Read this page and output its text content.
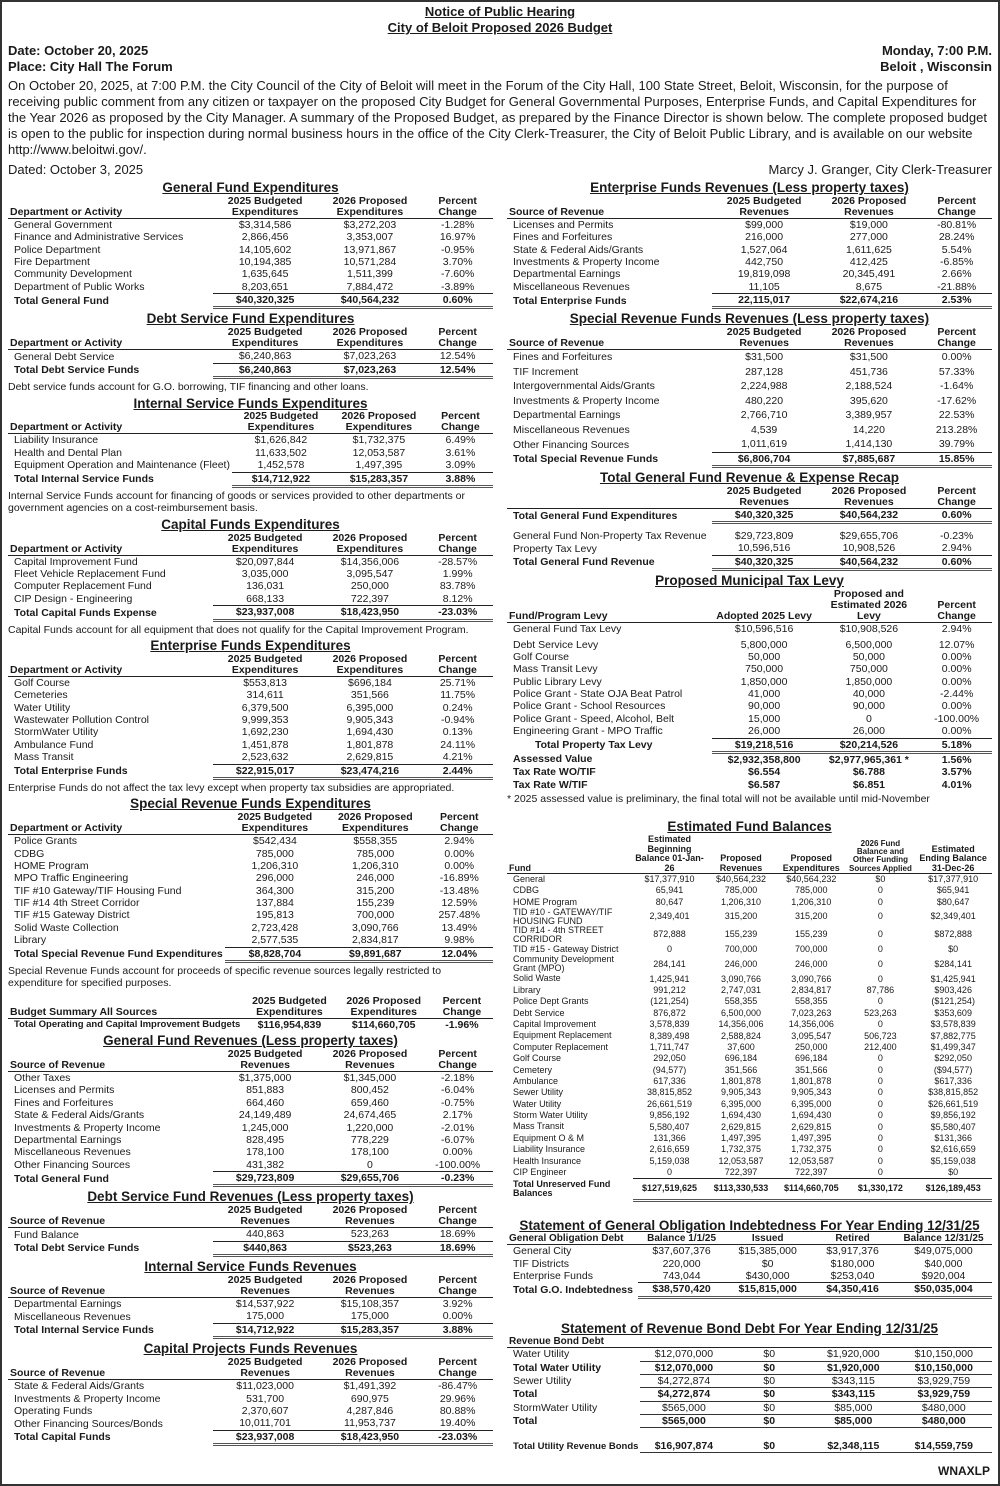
Notice of Public Hearing
City of Beloit Proposed 2026 Budget
Date: October 20, 2025
Place: City Hall The Forum
Monday, 7:00 P.M.
Beloit , Wisconsin
On October 20, 2025, at 7:00 P.M. the City Council of the City of Beloit will meet in the Forum of the City Hall, 100 State Street, Beloit, Wisconsin, for the purpose of receiving public comment from any citizen or taxpayer on the proposed City Budget for General Governmental Purposes, Enterprise Funds, and Capital Expenditures for the Year 2026 as proposed by the City Manager. A summary of the Proposed Budget, as prepared by the Finance Director is shown below. The complete proposed budget is open to the public for inspection during normal business hours in the office of the City Clerk-Treasurer, the City of Beloit Public Library, and is available on our website http://www.beloitwi.gov/.
Dated: October 3, 2025	Marcy J. Granger, City Clerk-Treasurer
General Fund Expenditures
Department or Activity	2025 Budgeted Expenditures	2026 Proposed Expenditures	Percent Change
General Government	$3,314,586	$3,272,203	-1.28%
Finance and Administrative Services	2,866,456	3,353,007	16.97%
Police Department	14,105,602	13,971,867	-0.95%
Fire Department	10,194,385	10,571,284	3.70%
Community Development	1,635,645	1,511,399	-7.60%
Department of Public Works	8,203,651	7,884,472	-3.89%
Total General Fund	$40,320,325	$40,564,232	0.60%
Debt Service Fund Expenditures
Department or Activity	2025 Budgeted Expenditures	2026 Proposed Expenditures	Percent Change
General Debt Service	$6,240,863	$7,023,263	12.54%
Total Debt Service Funds	$6,240,863	$7,023,263	12.54%
Debt service funds account for G.O. borrowing, TIF financing and other loans.
Internal Service Funds Expenditures
Department or Activity	2025 Budgeted Expenditures	2026 Proposed Expenditures	Percent Change
Liability Insurance	$1,626,842	$1,732,375	6.49%
Health and Dental Plan	11,633,502	12,053,587	3.61%
Equipment Operation and Maintenance (Fleet)	1,452,578	1,497,395	3.09%
Total Internal Service Funds	$14,712,922	$15,283,357	3.88%
Internal Service Funds account for financing of goods or services provided to other departments or government agencies on a cost-reimbursement basis.
Capital Funds Expenditures
Department or Activity	2025 Budgeted Expenditures	2026 Proposed Expenditures	Percent Change
Capital Improvement Fund	$20,097,844	$14,356,006	-28.57%
Fleet Vehicle Replacement Fund	3,035,000	3,095,547	1.99%
Computer Replacement Fund	136,031	250,000	83.78%
CIP Design - Engineering	668,133	722,397	8.12%
Total Capital Funds Expense	$23,937,008	$18,423,950	-23.03%
Capital Funds account for all equipment that does not qualify for the Capital Improvement Program.
Enterprise Funds Expenditures
Department or Activity	2025 Budgeted Expenditures	2026 Proposed Expenditures	Percent Change
Golf Course	$553,813	$696,184	25.71%
Cemeteries	314,611	351,566	11.75%
Water Utility	6,379,500	6,395,000	0.24%
Wastewater Pollution Control	9,999,353	9,905,343	-0.94%
StormWater Utility	1,692,230	1,694,430	0.13%
Ambulance Fund	1,451,878	1,801,878	24.11%
Mass Transit	2,523,632	2,629,815	4.21%
Total Enterprise Funds	$22,915,017	$23,474,216	2.44%
Enterprise Funds do not affect the tax levy except when property tax subsidies are appropriated.
Special Revenue Funds Expenditures
Department or Activity	2025 Budgeted Expenditures	2026 Proposed Expenditures	Percent Change
Police Grants	$542,434	$558,355	2.94%
CDBG	785,000	785,000	0.00%
HOME Program	1,206,310	1,206,310	0.00%
MPO Traffic Engineering	296,000	246,000	-16.89%
TIF #10 Gateway/TIF Housing Fund	364,300	315,200	-13.48%
TIF #14 4th Street Corridor	137,884	155,239	12.59%
TIF #15 Gateway District	195,813	700,000	257.48%
Solid Waste Collection	2,723,428	3,090,766	13.49%
Library	2,577,535	2,834,817	9.98%
Total Special Revenue Fund Expenditures	$8,828,704	$9,891,687	12.04%
Special Revenue Funds account for proceeds of specific revenue sources legally restricted to expenditure for specified purposes.
Budget Summary All Sources	2025 Budgeted Expenditures	2026 Proposed Expenditures	Percent Change
Total Operating and Capital Improvement Budgets	$116,954,839	$114,660,705	-1.96%
General Fund Revenues (Less property taxes)
Source of Revenue	2025 Budgeted Revenues	2026 Proposed Revenues	Percent Change
Other Taxes	$1,375,000	$1,345,000	-2.18%
Licenses and Permits	851,883	800,452	-6.04%
Fines and Forfeitures	664,460	659,460	-0.75%
State & Federal Aids/Grants	24,149,489	24,674,465	2.17%
Investments & Property Income	1,245,000	1,220,000	-2.01%
Departmental Earnings	828,495	778,229	-6.07%
Miscellaneous Revenues	178,100	178,100	0.00%
Other Financing Sources	431,382	0	-100.00%
Total General Fund	$29,723,809	$29,655,706	-0.23%
Debt Service Fund Revenues (Less property taxes)
Source of Revenue	2025 Budgeted Revenues	2026 Proposed Revenues	Percent Change
Fund Balance	440,863	523,263	18.69%
Total Debt Service Funds	$440,863	$523,263	18.69%
Internal Service Funds Revenues
Source of Revenue	2025 Budgeted Revenues	2026 Proposed Revenues	Percent Change
Departmental Earnings	$14,537,922	$15,108,357	3.92%
Miscellaneous Revenues	175,000	175,000	0.00%
Total Internal Service Funds	$14,712,922	$15,283,357	3.88%
Capital Projects Funds Revenues
Source of Revenue	2025 Budgeted Revenues	2026 Proposed Revenues	Percent Change
State & Federal Aids/Grants	$11,023,000	$1,491,392	-86.47%
Investments & Property Income	531,700	690,975	29.96%
Operating Funds	2,370,607	4,287,846	80.88%
Other Financing Sources/Bonds	10,011,701	11,953,737	19.40%
Total Capital Funds	$23,937,008	$18,423,950	-23.03%
Enterprise Funds Revenues (Less property taxes)
Source of Revenue	2025 Budgeted Revenues	2026 Proposed Revenues	Percent Change
Licenses and Permits	$99,000	$19,000	-80.81%
Fines and Forfeitures	216,000	277,000	28.24%
State & Federal Aids/Grants	1,527,064	1,611,625	5.54%
Investments & Property Income	442,750	412,425	-6.85%
Departmental Earnings	19,819,098	20,345,491	2.66%
Miscellaneous Revenues	11,105	8,675	-21.88%
Total Enterprise Funds	22,115,017	$22,674,216	2.53%
Special Revenue Funds Revenues (Less property taxes)
Source of Revenue	2025 Budgeted Revenues	2026 Proposed Revenues	Percent Change
Fines and Forfeitures	$31,500	$31,500	0.00%
TIF Increment	287,128	451,736	57.33%
Intergovernmental Aids/Grants	2,224,988	2,188,524	-1.64%
Investments & Property Income	480,220	395,620	-17.62%
Departmental Earnings	2,766,710	3,389,957	22.53%
Miscellaneous Revenues	4,539	14,220	213.28%
Other Financing Sources	1,011,619	1,414,130	39.79%
Total Special Revenue Funds	$6,806,704	$7,885,687	15.85%
Total General Fund Revenue & Expense Recap
	2025 Budgeted Revenues	2026 Proposed Revenues	Percent Change
Total General Fund Expenditures	$40,320,325	$40,564,232	0.60%

General Fund Non-Property Tax Revenue	$29,723,809	$29,655,706	-0.23%
Property Tax Levy	10,596,516	10,908,526	2.94%
Total General Fund Revenue	$40,320,325	$40,564,232	0.60%
Proposed Municipal Tax Levy
Fund/Program Levy	Adopted 2025 Levy	Proposed and Estimated 2026 Levy	Percent Change
General Fund Tax Levy	$10,596,516	$10,908,526	2.94%
Debt Service Levy	5,800,000	6,500,000	12.07%
Golf Course	50,000	50,000	0.00%
Mass Transit Levy	750,000	750,000	0.00%
Public Library Levy	1,850,000	1,850,000	0.00%
Police Grant - State OJA Beat Patrol	41,000	40,000	-2.44%
Police Grant - School Resources	90,000	90,000	0.00%
Police Grant - Speed, Alcohol, Belt	15,000	0	-100.00%
Engineering Grant - MPO Traffic	26,000	26,000	0.00%
Total Property Tax Levy	$19,218,516	$20,214,526	5.18%
Assessed Value	$2,932,358,800	$2,977,965,361 *	1.56%
Tax Rate WO/TIF	$6.554	$6.788	3.57%
Tax Rate W/TIF	$6.587	$6.851	4.01%
* 2025 assessed value is preliminary, the final total will not be available until mid-November
Estimated Fund Balances
Fund	Estimated Beginning Balance 01-Jan-26	Proposed Revenues	Proposed Expenditures	2026 Fund Balance and Other Funding Sources Applied	Estimated Ending Balance 31-Dec-26
General	$17,377,910	$40,564,232	$40,564,232	$0	$17,377,910
CDBG	65,941	785,000	785,000	0	$65,941
HOME Program	80,647	1,206,310	1,206,310	0	$80,647
TID #10 - GATEWAY/TIF HOUSING FUND	2,349,401	315,200	315,200	0	$2,349,401
TID #14 - 4th STREET CORRIDOR	872,888	155,239	155,239	0	$872,888
TID #15 - Gateway District	0	700,000	700,000	0	$0
Community Development Grant (MPO)	284,141	246,000	246,000	0	$284,141
Solid Waste	1,425,941	3,090,766	3,090,766	0	$1,425,941
Library	991,212	2,747,031	2,834,817	87,786	$903,426
Police Dept Grants	(121,254)	558,355	558,355	0	($121,254)
Debt Service	876,872	6,500,000	7,023,263	523,263	$353,609
Capital Improvement	3,578,839	14,356,006	14,356,006	0	$3,578,839
Equipment Replacement	8,389,498	2,588,824	3,095,547	506,723	$7,882,775
Computer Replacement	1,711,747	37,600	250,000	212,400	$1,499,347
Golf Course	292,050	696,184	696,184	0	$292,050
Cemetery	(94,577)	351,566	351,566	0	($94,577)
Ambulance	617,336	1,801,878	1,801,878	0	$617,336
Sewer Utility	38,815,852	9,905,343	9,905,343	0	$38,815,852
Water Utility	26,661,519	6,395,000	6,395,000	0	$26,661,519
Storm Water Utility	9,856,192	1,694,430	1,694,430	0	$9,856,192
Mass Transit	5,580,407	2,629,815	2,629,815	0	$5,580,407
Equipment O & M	131,366	1,497,395	1,497,395	0	$131,366
Liability Insurance	2,616,659	1,732,375	1,732,375	0	$2,616,659
Health Insurance	5,159,038	12,053,587	12,053,587	0	$5,159,038
CIP Engineer	0	722,397	722,397	0	$0
Total Unreserved Fund Balances	$127,519,625	$113,330,533	$114,660,705	$1,330,172	$126,189,453
Statement of General Obligation Indebtedness For Year Ending 12/31/25
General Obligation Debt	Balance 1/1/25	Issued	Retired	Balance 12/31/25
General City	$37,607,376	$15,385,000	$3,917,376	$49,075,000
TIF Districts	220,000	$0	$180,000	$40,000
Enterprise Funds	743,044	$430,000	$253,040	$920,004
Total G.O. Indebtedness	$38,570,420	$15,815,000	$4,350,416	$50,035,004
Statement of Revenue Bond Debt For Year Ending 12/31/25
Revenue Bond Debt				
Water Utility	$12,070,000	$0	$1,920,000	$10,150,000
Total Water Utility	$12,070,000	$0	$1,920,000	$10,150,000
Sewer Utility	$4,272,874	$0	$343,115	$3,929,759
Total	$4,272,874	$0	$343,115	$3,929,759
StormWater Utility	$565,000	$0	$85,000	$480,000
Total	$565,000	$0	$85,000	$480,000

Total Utility Revenue Bonds	$16,907,874	$0	$2,348,115	$14,559,759
WNAXLP
